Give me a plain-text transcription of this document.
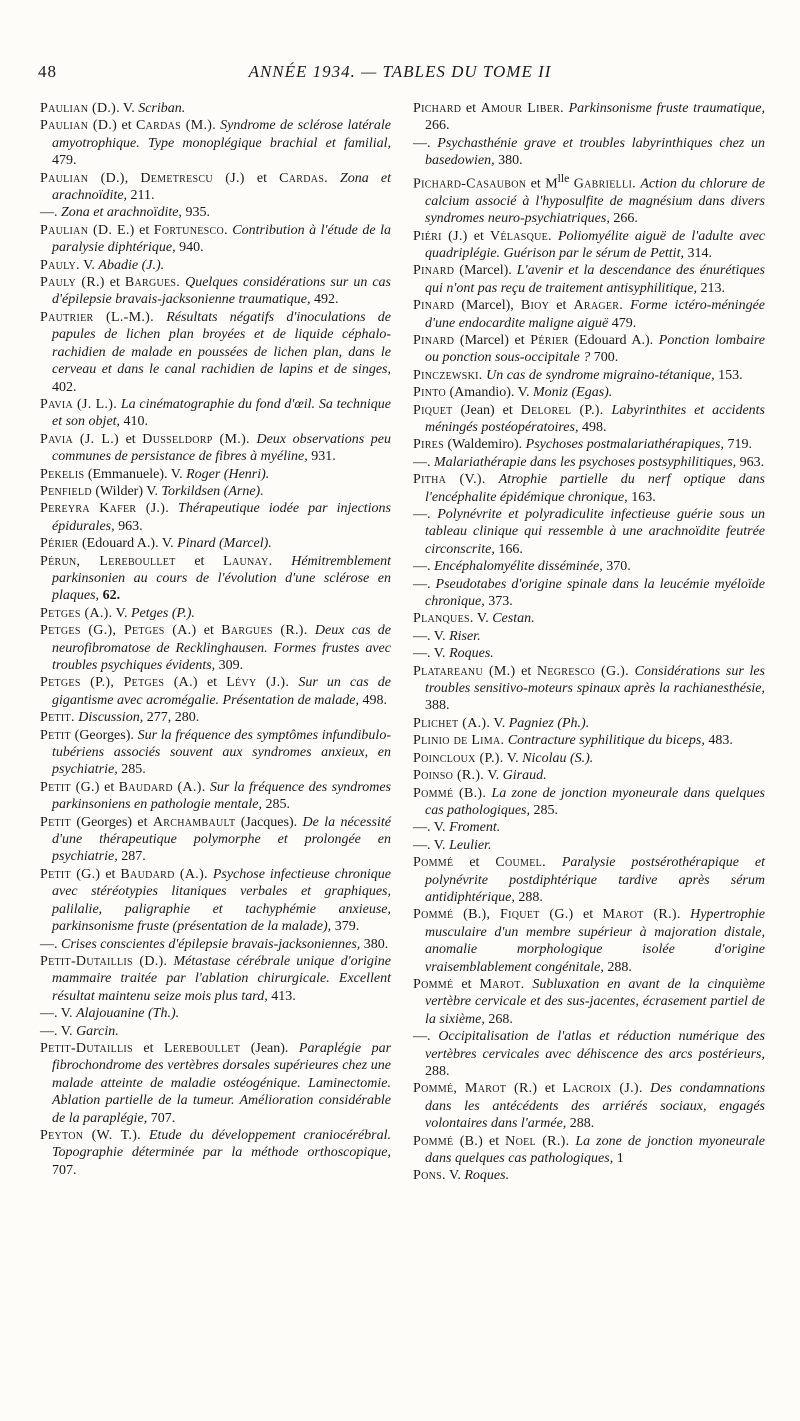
48	ANNÉE 1934. — TABLES DU TOME II

Paulian (D.). V. Scriban.

Paulian (D.) et Cardas (M.). Syndrome de sclérose latérale amyotrophique. Type monoplégique brachial et familial, 479.

Paulian (D.), Demetrescu (J.) et Cardas. Zona et arachnoïdite, 211.

—. Zona et arachnoïdite, 935.

Paulian (D. E.) et Fortunesco. Contribution à l'étude de la paralysie diphtérique, 940.

Pauly. V. Abadie (J.).

Pauly (R.) et Bargues. Quelques considérations sur un cas d'épilepsie bravais-jacksonienne traumatique, 492.

Pautrier (L.-M.). Résultats négatifs d'inoculations de papules de lichen plan broyées et de liquide céphalo-rachidien de malade en poussées de lichen plan, dans le cerveau et dans le canal rachidien de lapins et de singes, 402.

Pavia (J. L.). La cinématographie du fond d'œil. Sa technique et son objet, 410.

Pavia (J. L.) et Dusseldorp (M.). Deux observations peu communes de persistance de fibres à myéline, 931.

Pekelis (Emmanuele). V. Roger (Henri).

Penfield (Wilder) V. Torkildsen (Arne).

Pereyra Kafer (J.). Thérapeutique iodée par injections épidurales, 963.

Périer (Edouard A.). V. Pinard (Marcel).

Pérun, Lereboullet et Launay. Hémitremblement parkinsonien au cours de l'évolution d'une sclérose en plaques, 62.

Petges (A.). V. Petges (P.).

Petges (G.), Petges (A.) et Bargues (R.). Deux cas de neurofibromatose de Recklinghausen. Formes frustes avec troubles psychiques évidents, 309.

Petges (P.), Petges (A.) et Lévy (J.). Sur un cas de gigantisme avec acromégalie. Présentation de malade, 498.

Petit. Discussion, 277, 280.

Petit (Georges). Sur la fréquence des symptômes infundibulo-tubériens associés souvent aux syndromes anxieux, en psychiatrie, 285.

Petit (G.) et Baudard (A.). Sur la fréquence des syndromes parkinsoniens en pathologie mentale, 285.

Petit (Georges) et Archambault (Jacques). De la nécessité d'une thérapeutique polymorphe et prolongée en psychiatrie, 287.

Petit (G.) et Baudard (A.). Psychose infectieuse chronique avec stéréotypies litaniques verbales et graphiques, palilalie, paligraphie et tachyphémie anxieuse, parkinsonisme fruste (présentation de la malade), 379.

—. Crises conscientes d'épilepsie bravais-jacksoniennes, 380.

Petit-Dutaillis (D.). Métastase cérébrale unique d'origine mammaire traitée par l'ablation chirurgicale. Excellent résultat maintenu seize mois plus tard, 413.

—. V. Alajouanine (Th.).

—. V. Garcin.

Petit-Dutaillis et Lereboullet (Jean). Paraplégie par fibrochondrome des vertèbres dorsales supérieures chez une malade atteinte de maladie ostéogénique. Laminectomie. Ablation partielle de la tumeur. Amélioration considérable de la paraplégie, 707.

Peyton (W. T.). Etude du développement craniocérébral. Topographie déterminée par la méthode orthoscopique, 707.

Pichard et Amour Liber. Parkinsonisme fruste traumatique, 266.

—. Psychasthénie grave et troubles labyrinthiques chez un basedowien, 380.

Pichard-Casaubon et $M^{lle}$ Gabrielli. Action du chlorure de calcium associé à l'hyposulfite de magnésium dans divers syndromes neuro-psychiatriques, 266.

Piéri (J.) et Vélasque. Poliomyélite aiguë de l'adulte avec quadriplégie. Guérison par le sérum de Pettit, 314.

Pinard (Marcel). L'avenir et la descendance des énurétiques qui n'ont pas reçu de traitement antisyphilitique, 213.

Pinard (Marcel), Bioy et Arager. Forme ictéro-méningée d'une endocardite maligne aiguë 479.

Pinard (Marcel) et Périer (Edouard A.). Ponction lombaire ou ponction sous-occipitale ? 700.

Pinczewski. Un cas de syndrome migraino-tétanique, 153.

Pinto (Amandio). V. Moniz (Egas).

Piquet (Jean) et Delorel (P.). Labyrinthites et accidents méningés postéopératoires, 498.

Pires (Waldemiro). Psychoses postmalariathérapiques, 719.

—. Malariathérapie dans les psychoses postsyphilitiques, 963.

Pitha (V.). Atrophie partielle du nerf optique dans l'encéphalite épidémique chronique, 163.

—. Polynévrite et polyradiculite infectieuse guérie sous un tableau clinique qui ressemble à une arachnoïdite feutrée circonscrite, 166.

—. Encéphalomyélite disséminée, 370.

—. Pseudotabes d'origine spinale dans la leucémie myéloïde chronique, 373.

Planques. V. Cestan.

—. V. Riser.

—. V. Roques.

Platareanu (M.) et Negresco (G.). Considérations sur les troubles sensitivo-moteurs spinaux après la rachianesthésie, 388.

Plichet (A.). V. Pagniez (Ph.).

Plinio de Lima. Contracture syphilitique du biceps, 483.

Poincloux (P.). V. Nicolau (S.).

Poinso (R.). V. Giraud.

Pommé (B.). La zone de jonction myoneurale dans quelques cas pathologiques, 285.

—. V. Froment.

—. V. Leulier.

Pommé et Coumel. Paralysie postsérothérapique et polynévrite postdiphtérique tardive après sérum antidiphtérique, 288.

Pommé (B.), Fiquet (G.) et Marot (R.). Hypertrophie musculaire d'un membre supérieur à majoration distale, anomalie morphologique isolée d'origine vraisemblablement congénitale, 288.

Pommé et Marot. Subluxation en avant de la cinquième vertèbre cervicale et des sus-jacentes, écrasement partiel de la sixième, 268.

—. Occipitalisation de l'atlas et réduction numérique des vertèbres cervicales avec déhiscence des arcs postérieurs, 288.

Pommé, Marot (R.) et Lacroix (J.). Des condamnations dans les antécédents des arriérés sociaux, engagés volontaires dans l'armée, 288.

Pommé (B.) et Noel (R.). La zone de jonction myoneurale dans quelques cas pathologiques, 1

Pons. V. Roques.
